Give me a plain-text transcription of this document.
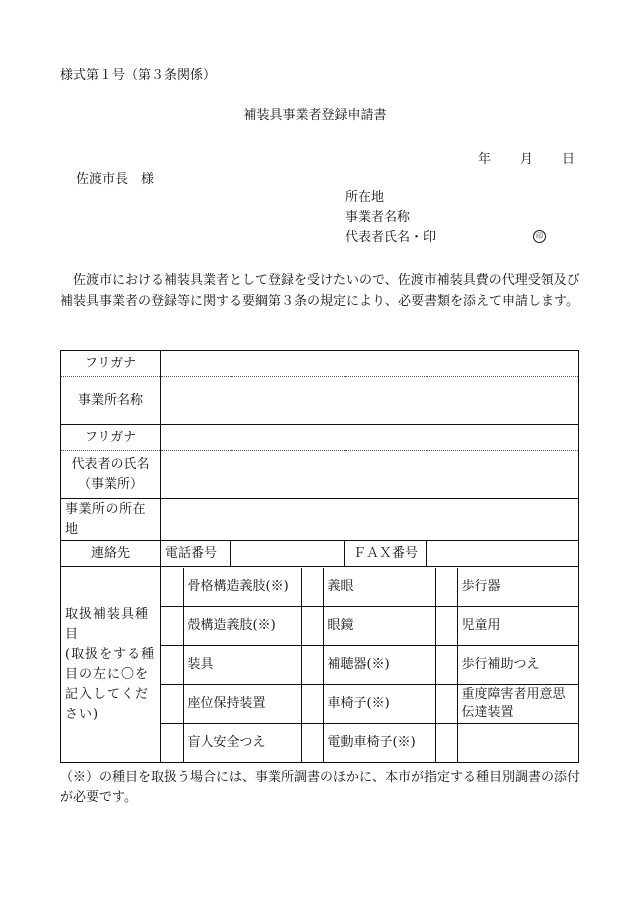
様式第１号（第３条関係）
補装具事業者登録申請書
年 月 日
佐渡市長　様
所在地
事業者名称
代表者氏名・印	印
佐渡市における補装具業者として登録を受けたいので、佐渡市補装具費の代理受領及び補装具事業者の登録等に関する要綱第３条の規定により、必要書類を添えて申請します。
フリガナ	
事業所名称	
フリガナ	

代表者の氏名
（事業所）

事業所の所在地	
連絡先	電話番号		ＦＡＸ番号	

取扱補装具種目
(取扱をする種目の左に〇を記入してください)

	骨格構造義肢(※)		義眼		歩行器
	殻構造義肢(※)		眼鏡		児童用
	装具		補聴器(※)		歩行補助つえ
	座位保持装置		車椅子(※)		重度障害者用意思伝達装置
	盲人安全つえ		電動車椅子(※)		
（※）の種目を取扱う場合には、事業所調書のほかに、本市が指定する種目別調書の添付が必要です。
